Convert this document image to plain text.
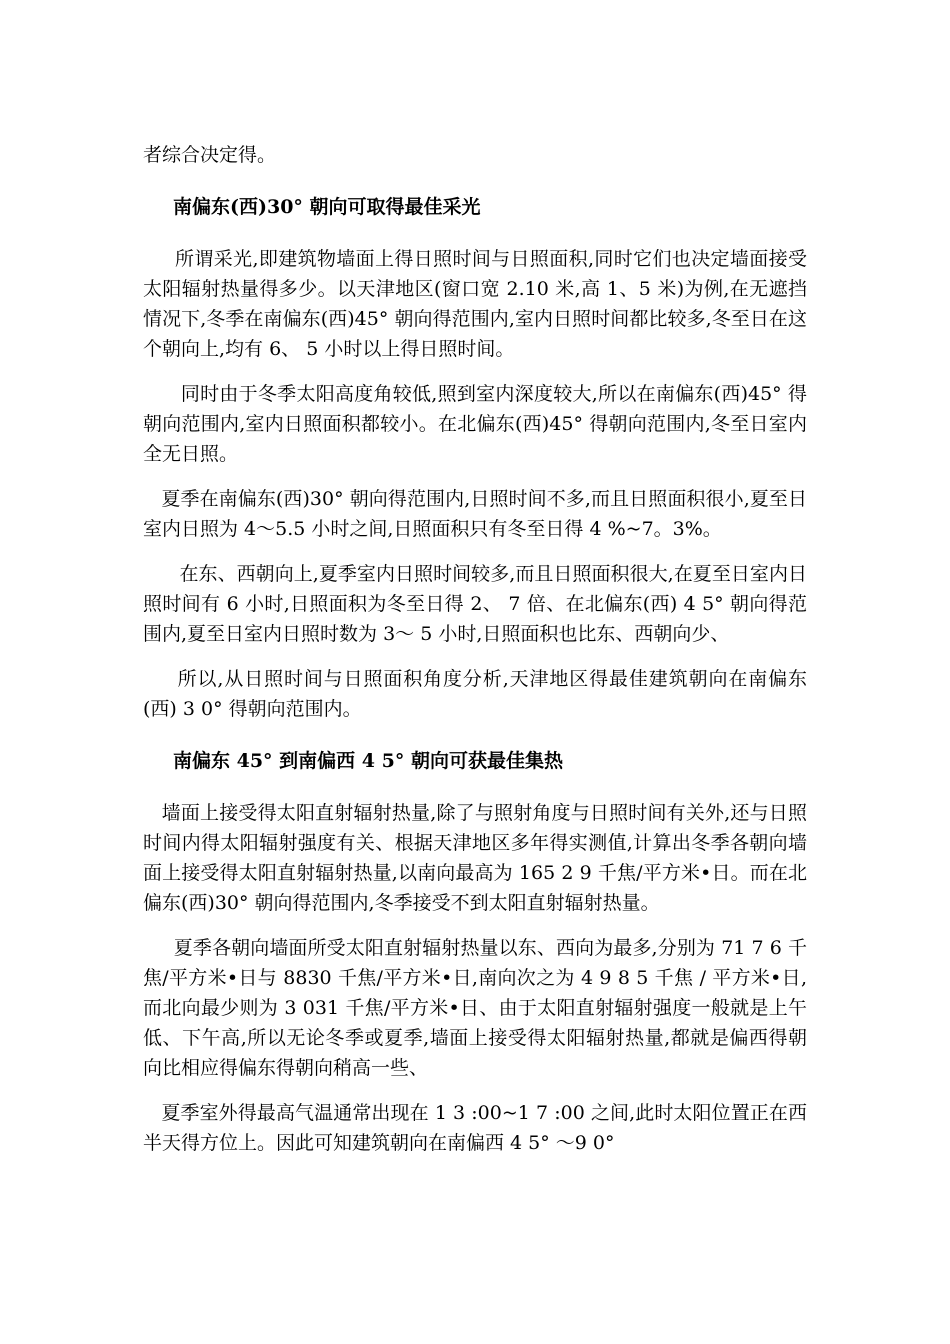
者综合决定得。

南偏东(西)30° 朝向可取得最佳采光

所谓采光,即建筑物墙面上得日照时间与日照面积,同时它们也决定墙面接受太阳辐射热量得多少。以天津地区(窗口宽 2.10 米,高 1、5 米)为例,在无遮挡情况下,冬季在南偏东(西)45° 朝向得范围内,室内日照时间都比较多,冬至日在这个朝向上,均有 6、 5 小时以上得日照时间。

同时由于冬季太阳高度角较低,照到室内深度较大,所以在南偏东(西)45° 得朝向范围内,室内日照面积都较小。在北偏东(西)45° 得朝向范围内,冬至日室内全无日照。

夏季在南偏东(西)30° 朝向得范围内,日照时间不多,而且日照面积很小,夏至日室内日照为 4～5.5 小时之间,日照面积只有冬至日得 4 %~7。3%。

在东、西朝向上,夏季室内日照时间较多,而且日照面积很大,在夏至日室内日照时间有 6 小时,日照面积为冬至日得 2、 7 倍、在北偏东(西) 4 5° 朝向得范围内,夏至日室内日照时数为 3～ 5 小时,日照面积也比东、西朝向少、

所以,从日照时间与日照面积角度分析,天津地区得最佳建筑朝向在南偏东(西) 3 0° 得朝向范围内。

南偏东 45° 到南偏西 4 5° 朝向可获最佳集热

墙面上接受得太阳直射辐射热量,除了与照射角度与日照时间有关外,还与日照时间内得太阳辐射强度有关、根据天津地区多年得实测值,计算出冬季各朝向墙面上接受得太阳直射辐射热量,以南向最高为 165 2 9 千焦/平方米•日。而在北偏东(西)30° 朝向得范围内,冬季接受不到太阳直射辐射热量。

夏季各朝向墙面所受太阳直射辐射热量以东、西向为最多,分别为 71 7 6 千焦/平方米•日与 8830 千焦/平方米•日,南向次之为 4 9 8 5 千焦 / 平方米•日,而北向最少则为 3 031 千焦/平方米•日、由于太阳直射辐射强度一般就是上午低、下午高,所以无论冬季或夏季,墙面上接受得太阳辐射热量,都就是偏西得朝向比相应得偏东得朝向稍高一些、

夏季室外得最高气温通常出现在 1 3 :00~1 7 :00 之间,此时太阳位置正在西半天得方位上。因此可知建筑朝向在南偏西 4 5° ～9 0°
